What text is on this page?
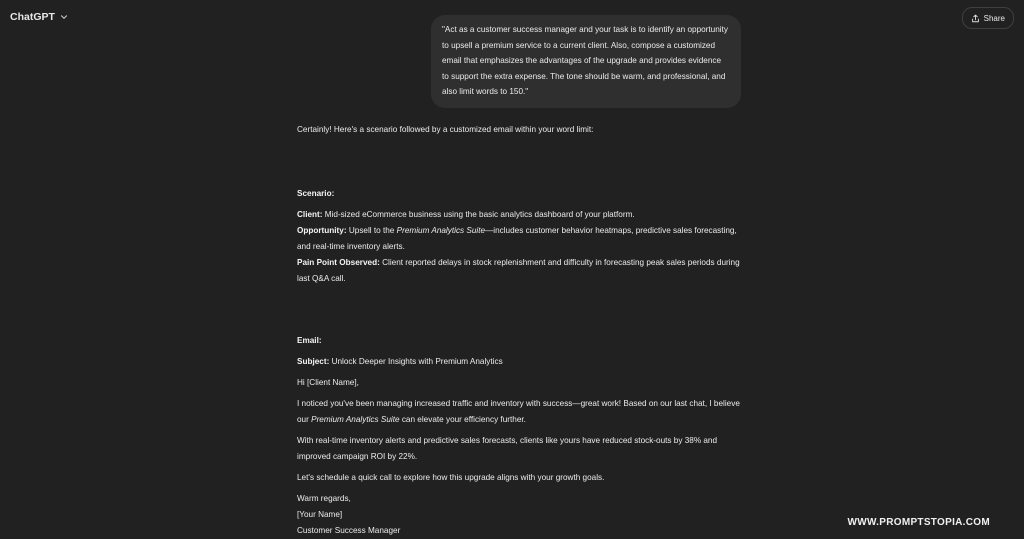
ChatGPT	Share
"Act as a customer success manager and your task is to identify an opportunity to upsell a premium service to a current client. Also, compose a customized email that emphasizes the advantages of the upgrade and provides evidence to support the extra expense. The tone should be warm, and professional, and also limit words to 150."

Certainly! Here's a scenario followed by a customized email within your word limit:

Scenario:

Client: Mid-sized eCommerce business using the basic analytics dashboard of your platform.

Opportunity: Upsell to the Premium Analytics Suite—includes customer behavior heatmaps, predictive sales forecasting, and real-time inventory alerts.

Pain Point Observed: Client reported delays in stock replenishment and difficulty in forecasting peak sales periods during last Q&A call.

Email:

Subject: Unlock Deeper Insights with Premium Analytics

Hi [Client Name],

I noticed you've been managing increased traffic and inventory with success—great work! Based on our last chat, I believe our Premium Analytics Suite can elevate your efficiency further.

With real-time inventory alerts and predictive sales forecasts, clients like yours have reduced stock-outs by 38% and improved campaign ROI by 22%.

Let's schedule a quick call to explore how this upgrade aligns with your growth goals.

Warm regards,

[Your Name]

Customer Success Manager

WWW.PROMPTSTOPIA.COM
